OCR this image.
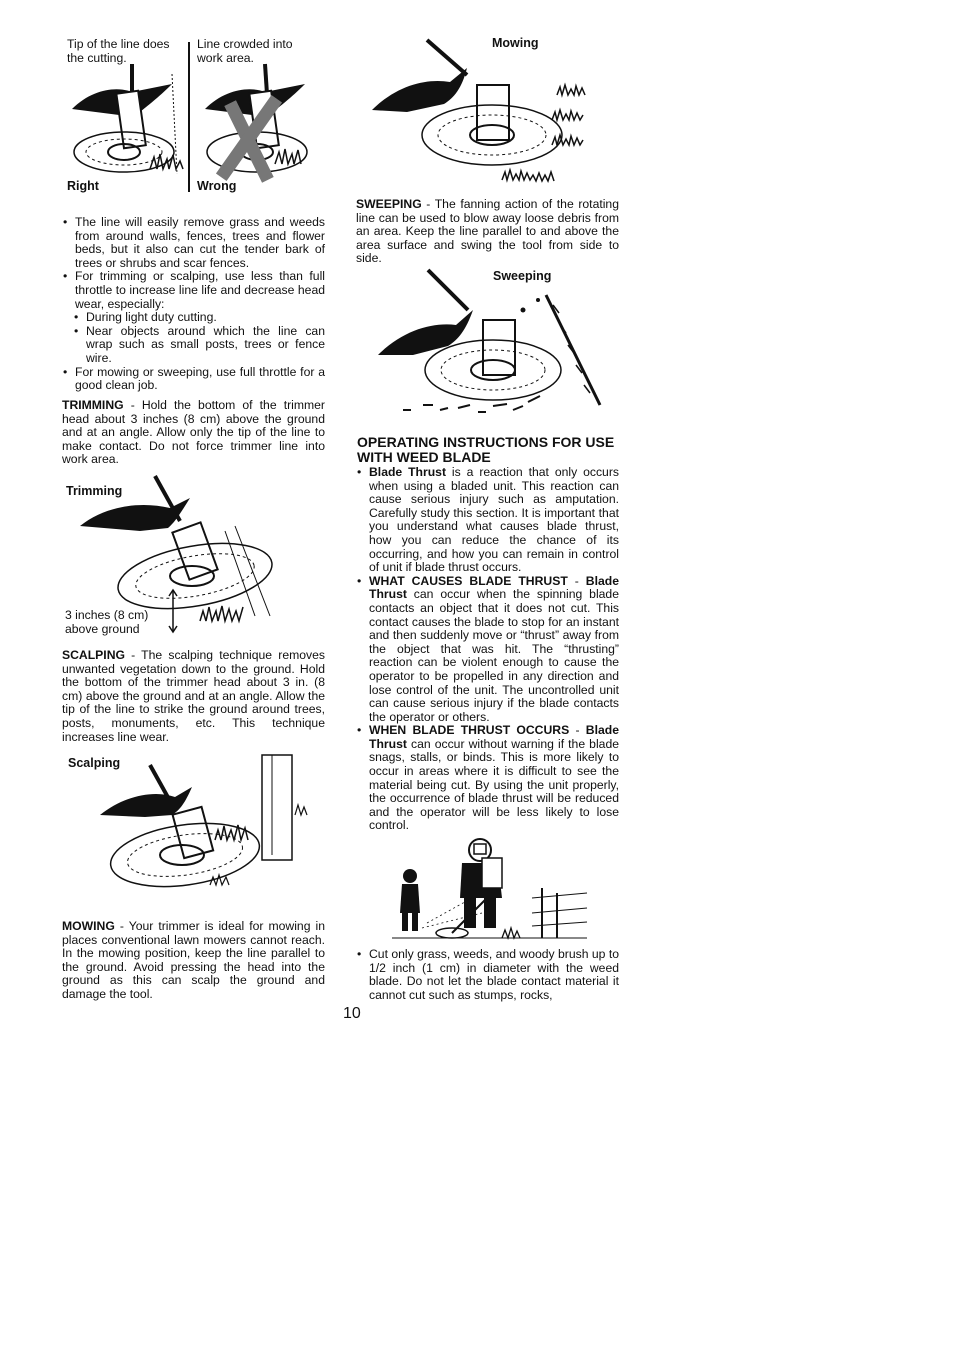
Tip of the line does the cutting.
Line crowded into work area.
Right	Wrong
• The line will easily remove grass and weeds from around walls, fences, trees and flower beds, but it also can cut the tender bark of trees or shrubs and scar fences.
• For trimming or scalping, use less than full throttle to increase line life and decrease head wear, especially:
• During light duty cutting.
• Near objects around which the line can wrap such as small posts, trees or fence wire.
• For mowing or sweeping, use full throttle for a good clean job.
TRIMMING - Hold the bottom of the trimmer head about 3 inches (8 cm) above the ground and at an angle. Allow only the tip of the line to make contact. Do not force trimmer line into work area.
Trimming
3 inches (8 cm) above ground
SCALPING - The scalping technique removes unwanted vegetation down to the ground. Hold the bottom of the trimmer head about 3 in. (8 cm) above the ground and at an angle. Allow the tip of the line to strike the ground around trees, posts, monuments, etc. This technique increases line wear.
Scalping
MOWING - Your trimmer is ideal for mowing in places conventional lawn mowers cannot reach. In the mowing position, keep the line parallel to the ground. Avoid pressing the head into the ground as this can scalp the ground and damage the tool.
Mowing
SWEEPING - The fanning action of the rotating line can be used to blow away loose debris from an area. Keep the line parallel to and above the area surface and swing the tool from side to side.
Sweeping
OPERATING INSTRUCTIONS FOR USE WITH WEED BLADE
• Blade Thrust is a reaction that only occurs when using a bladed unit. This reaction can cause serious injury such as amputation. Carefully study this section. It is important that you understand what causes blade thrust, how you can reduce the chance of its occurring, and how you can remain in control of unit if blade thrust occurs.
• WHAT CAUSES BLADE THRUST - Blade Thrust can occur when the spinning blade contacts an object that it does not cut. This contact causes the blade to stop for an instant and then suddenly move or “thrust” away from the object that was hit. The “thrusting” reaction can be violent enough to cause the operator to be propelled in any direction and lose control of the unit. The uncontrolled unit can cause serious injury if the blade contacts the operator or others.
• WHEN BLADE THRUST OCCURS - Blade Thrust can occur without warning if the blade snags, stalls, or binds. This is more likely to occur in areas where it is difficult to see the material being cut. By using the unit properly, the occurrence of blade thrust will be reduced and the operator will be less likely to lose control.
• Cut only grass, weeds, and woody brush up to 1/2 inch (1 cm) in diameter with the weed blade. Do not let the blade contact material it cannot cut such as stumps, rocks,
10
